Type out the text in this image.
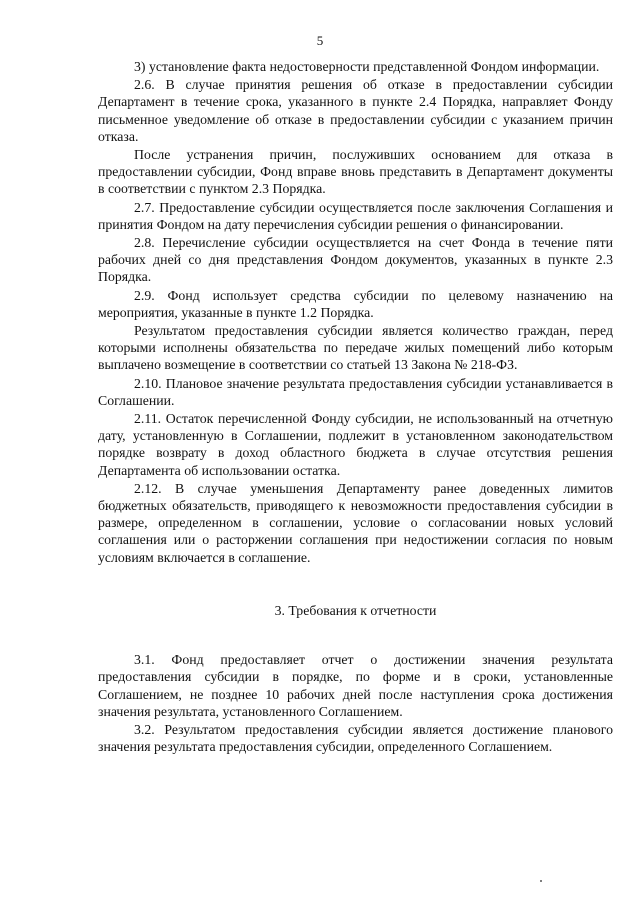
5

3) установление факта недостоверности представленной Фондом информации.

2.6. В случае принятия решения об отказе в предоставлении субсидии Департамент в течение срока, указанного в пункте 2.4 Порядка, направляет Фонду письменное уведомление об отказе в предоставлении субсидии с указанием причин отказа.

После устранения причин, послуживших основанием для отказа в предоставлении субсидии, Фонд вправе вновь представить в Департамент документы в соответствии с пунктом 2.3 Порядка.

2.7. Предоставление субсидии осуществляется после заключения Соглашения и принятия Фондом на дату перечисления субсидии решения о финансировании.

2.8. Перечисление субсидии осуществляется на счет Фонда в течение пяти рабочих дней со дня представления Фондом документов, указанных в пункте 2.3 Порядка.

2.9. Фонд использует средства субсидии по целевому назначению на мероприятия, указанные в пункте 1.2 Порядка.

Результатом предоставления субсидии является количество граждан, перед которыми исполнены обязательства по передаче жилых помещений либо которым выплачено возмещение в соответствии со статьей 13 Закона № 218-ФЗ.

2.10. Плановое значение результата предоставления субсидии устанавливается в Соглашении.

2.11. Остаток перечисленной Фонду субсидии, не использованный на отчетную дату, установленную в Соглашении, подлежит в установленном законодательством порядке возврату в доход областного бюджета в случае отсутствия решения Департамента об использовании остатка.

2.12. В случае уменьшения Департаменту ранее доведенных лимитов бюджетных обязательств, приводящего к невозможности предоставления субсидии в размере, определенном в соглашении, условие о согласовании новых условий соглашения или о расторжении соглашения при недостижении согласия по новым условиям включается в соглашение.

3. Требования к отчетности

3.1. Фонд предоставляет отчет о достижении значения результата предоставления субсидии в порядке, по форме и в сроки, установленные Соглашением, не позднее 10 рабочих дней после наступления срока достижения значения результата, установленного Соглашением.

3.2. Результатом предоставления субсидии является достижение планового значения результата предоставления субсидии, определенного Соглашением.
